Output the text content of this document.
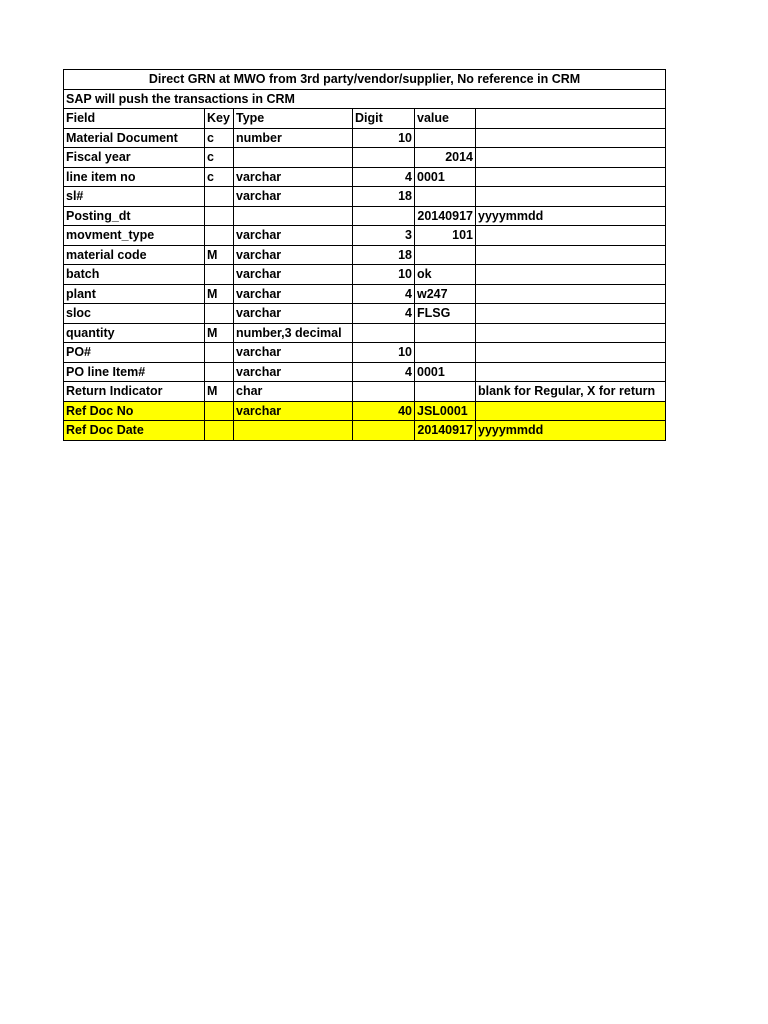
Direct GRN at MWO from 3rd party/vendor/supplier, No reference in CRM					
SAP will push the transactions in CRM					
Field	Key	Type	Digit	value	
Material Document	c	number	10		
Fiscal year	c			2014	
line item no	c	varchar	4	0001	
sl#		varchar	18		
Posting_dt				20140917	yyyymmdd
movment_type		varchar	3	101	
material code	M	varchar	18		
batch		varchar	10	ok	
plant	M	varchar	4	w247	
sloc		varchar	4	FLSG	
quantity	M	number,3 decimal			
PO#		varchar	10		
PO line Item#		varchar	4	0001	
Return Indicator	M	char			blank for Regular, X for return
Ref Doc No		varchar	40	JSL0001	
Ref Doc Date				20140917	yyyymmdd
